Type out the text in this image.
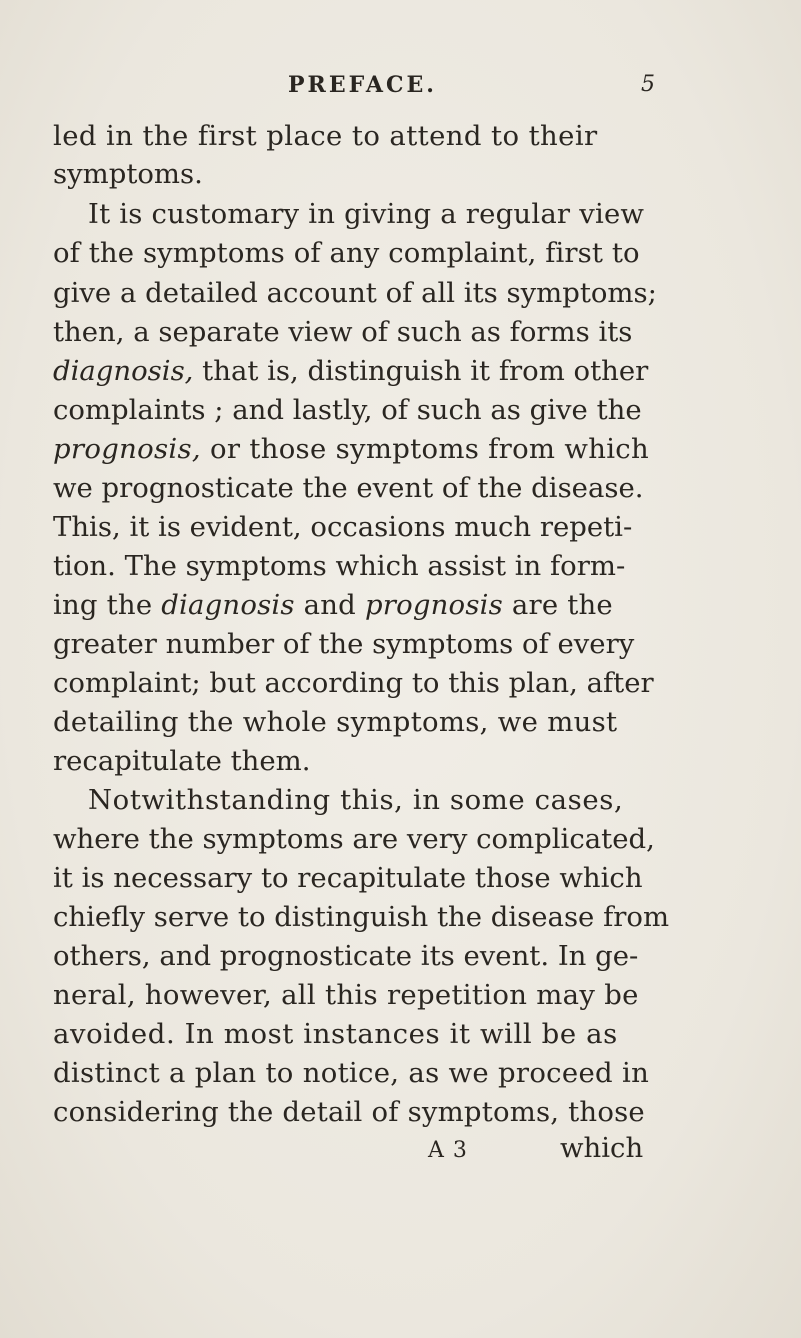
PREFACE.	5
led in the first place to attend to their
symptoms.
It is customary in giving a regular view
of the symptoms of any complaint, first to
give a detailed account of all its symptoms;
then, a separate view of such as forms its
diagnosis, that is, distinguish it from other
complaints ; and lastly, of such as give the
prognosis, or those symptoms from which
we prognosticate the event of the disease.
This, it is evident, occasions much repeti-
tion. The symptoms which assist in form-
ing the diagnosis and prognosis are the
greater number of the symptoms of every
complaint; but according to this plan, after
detailing the whole symptoms, we must
recapitulate them.
Notwithstanding this, in some cases,
where the symptoms are very complicated,
it is necessary to recapitulate those which
chiefly serve to distinguish the disease from
others, and prognosticate its event. In ge-
neral, however, all this repetition may be
avoided. In most instances it will be as
distinct a plan to notice, as we proceed in
considering the detail of symptoms, those
A 3	which
